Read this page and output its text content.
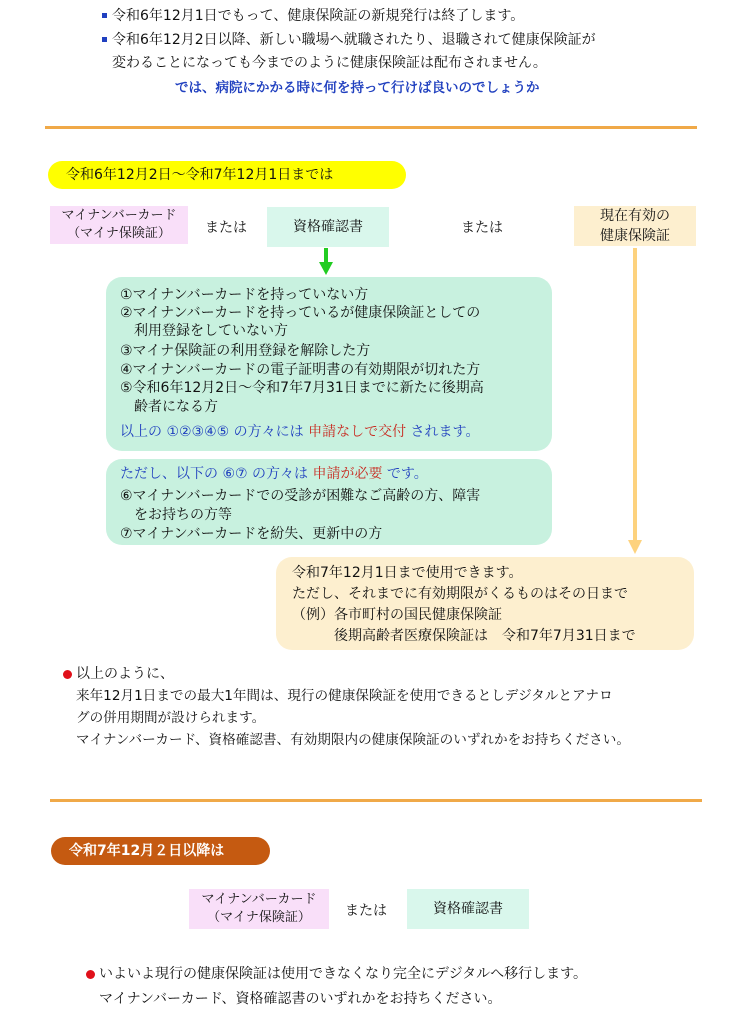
令和6年12月1日でもって、健康保険証の新規発行は終了します。
令和6年12月2日以降、新しい職場へ就職されたり、退職されて健康保険証が
変わることになっても今までのように健康保険証は配布されません。
では、病院にかかる時に何を持って行けば良いのでしょうか
令和6年12月2日～令和7年12月1日までは
マイナンバーカード
（マイナ保険証）	または	資格確認書	または
現在有効の
健康保険証
①マイナンバーカードを持っていない方
②マイナンバーカードを持っているが健康保険証としての
　利用登録をしていない方
③マイナ保険証の利用登録を解除した方
④マイナンバーカードの電子証明書の有効期限が切れた方
⑤令和6年12月2日～令和7年7月31日までに新たに後期高
　齢者になる方
以上の ①②③④⑤ の方々には 申請なしで交付 されます。
ただし、以下の ⑥⑦ の方々は 申請が必要 です。
⑥マイナンバーカードでの受診が困難なご高齢の方、障害
　をお持ちの方等
⑦マイナンバーカードを紛失、更新中の方
令和7年12月1日まで使用できます。
ただし、それまでに有効期限がくるものはその日まで
（例）各市町村の国民健康保険証
　　　後期高齢者医療保険証は　令和7年7月31日まで
以上のように、
来年12月1日までの最大1年間は、現行の健康保険証を使用できるとしデジタルとアナロ
グの併用期間が設けられます。
マイナンバーカード、資格確認書、有効期限内の健康保険証のいずれかをお持ちください。
令和7年12月２日以降は
マイナンバーカード
（マイナ保険証）	または	資格確認書
いよいよ現行の健康保険証は使用できなくなり完全にデジタルへ移行します。
マイナンバーカード、資格確認書のいずれかをお持ちください。
